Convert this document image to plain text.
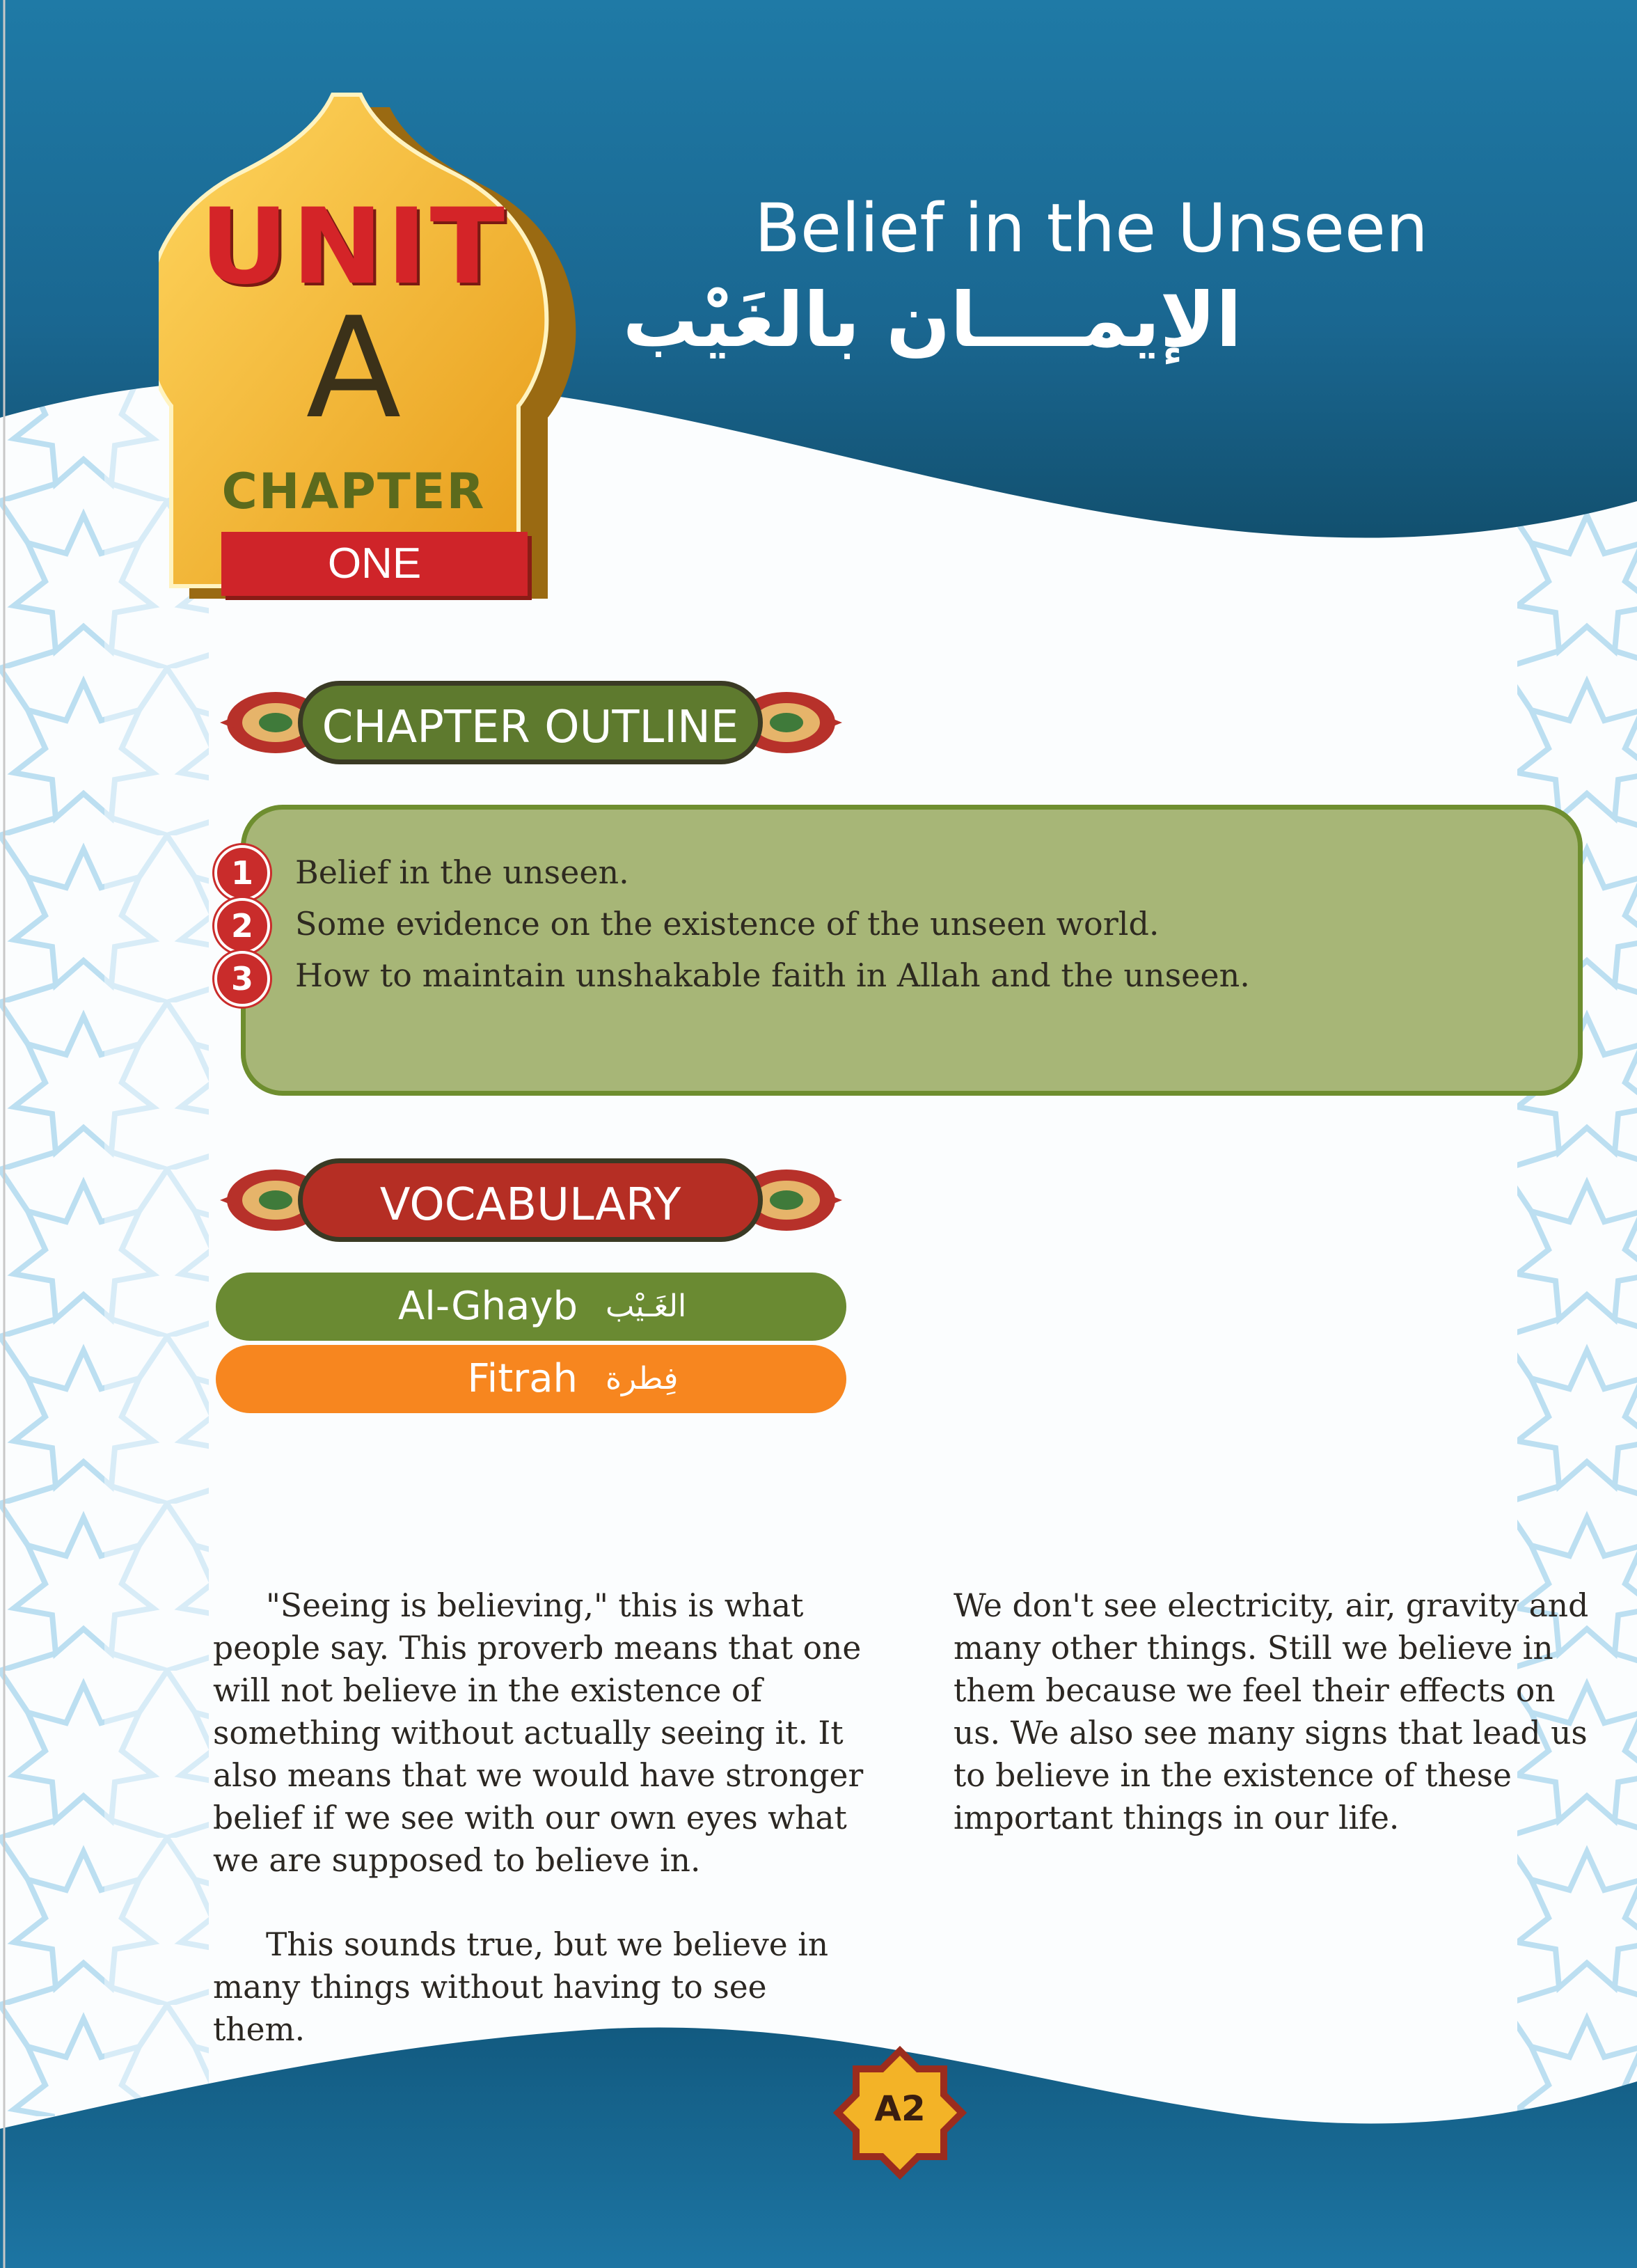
UNIT
A
CHAPTER
ONE
Belief in the Unseen
الإيمــــان بالغَيْب
CHAPTER OUTLINE
1	Belief in the unseen.
2	Some evidence on the existence of the unseen world.
3	How to maintain unshakable faith in Allah and the unseen.
VOCABULARY
Al-Ghayb الغَـيْب
Fitrah فِطرة

"Seeing is believing," this is what people say. This proverb means that one will not believe in the existence of something without actually seeing it. It also means that we would have stronger belief if we see with our own eyes what we are supposed to believe in.

This sounds true, but we believe in many things without having to see them.

We don't see electricity, air, gravity and many other things. Still we believe in them because we feel their effects on us. We also see many signs that lead us to believe in the existence of these important things in our life.

A2
